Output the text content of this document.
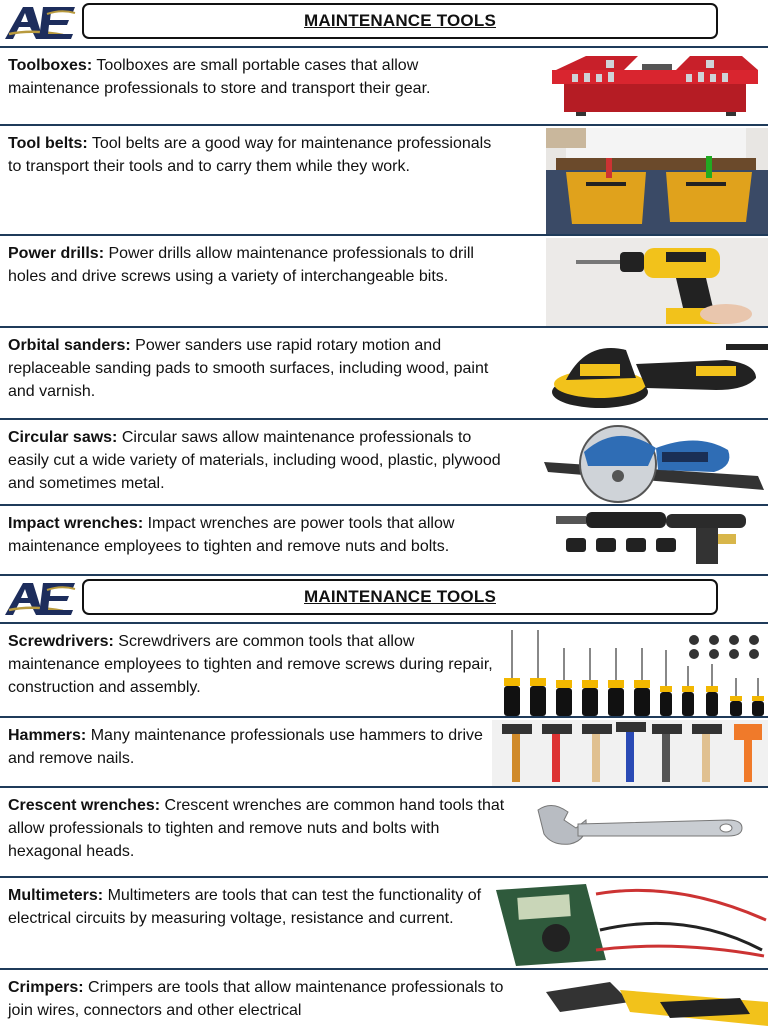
MAINTENANCE TOOLS
Toolboxes: Toolboxes are small portable cases that allow maintenance professionals to store and transport their gear.
Tool belts: Tool belts are a good way for maintenance professionals to transport their tools and to carry them while they work.
Power drills: Power drills allow maintenance professionals to drill holes and drive screws using a variety of interchangeable bits.
Orbital sanders: Power sanders use rapid rotary motion and replaceable sanding pads to smooth surfaces, including wood, paint and varnish.
Circular saws: Circular saws allow maintenance professionals to easily cut a wide variety of materials, including wood, plastic, plywood and sometimes metal.
Impact wrenches: Impact wrenches are power tools that allow maintenance employees to tighten and remove nuts and bolts.
MAINTENANCE TOOLS
Screwdrivers: Screwdrivers are common tools that allow maintenance employees to tighten and remove screws during repair, construction and assembly.
Hammers: Many maintenance professionals use hammers to drive and remove nails.
Crescent wrenches: Crescent wrenches are common hand tools that allow professionals to tighten and remove nuts and bolts with hexagonal heads.
Multimeters: Multimeters are tools that can test the functionality of electrical circuits by measuring voltage, resistance and current.
Crimpers: Crimpers are tools that allow maintenance professionals to join wires, connectors and other electrical
